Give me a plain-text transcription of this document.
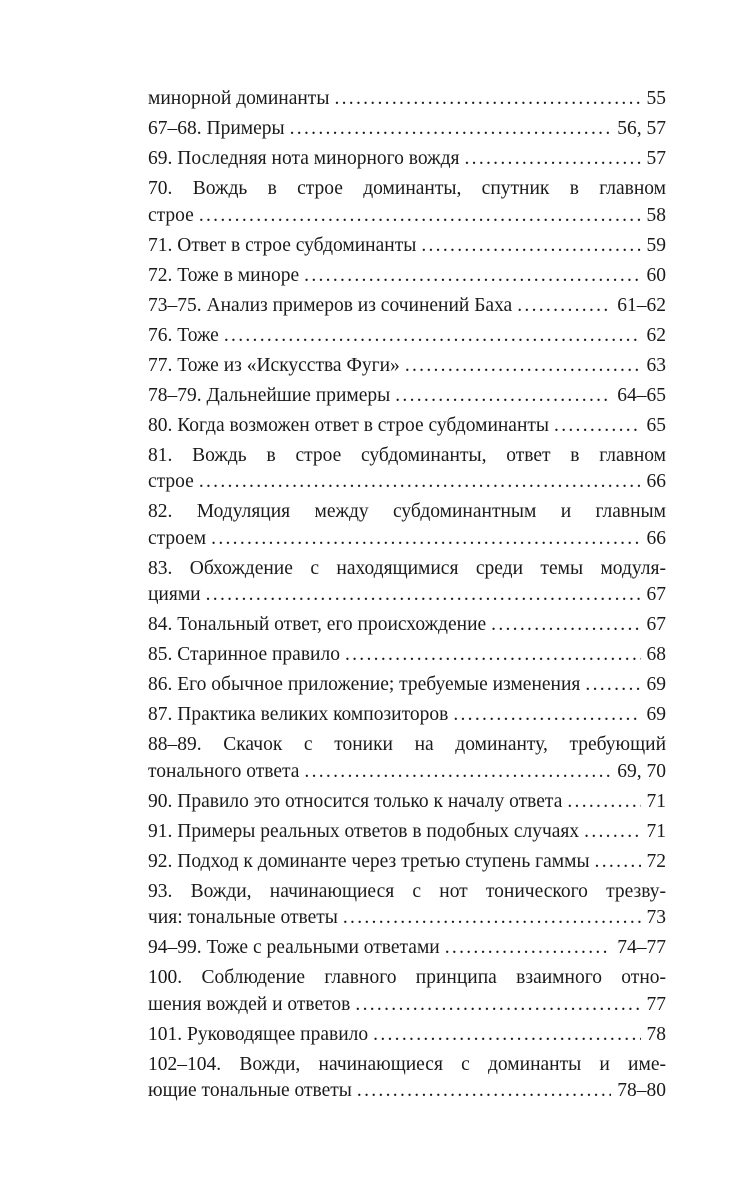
минорной доминанты .....	55
67–68. Примеры .....	56, 57
69. Последняя нота минорного вождя .....	57
70. Вождь в строе доминанты, спутник в главном
строе .....	58
71. Ответ в строе субдоминанты .....	59
72. Тоже в миноре .....	60
73–75. Анализ примеров из сочинений Баха .....	61–62
76. Тоже .....	62
77. Тоже из «Искусства Фуги» .....	63
78–79. Дальнейшие примеры .....	64–65
80. Когда возможен ответ в строе субдоминанты .....	65
81. Вождь в строе субдоминанты, ответ в главном
строе .....	66
82. Модуляция между субдоминантным и главным
строем .....	66
83. Обхождение с находящимися среди темы модуля-
циями .....	67
84. Тональный ответ, его происхождение .....	67
85. Старинное правило .....	68
86. Его обычное приложение; требуемые изменения .....	69
87. Практика великих композиторов .....	69
88–89. Скачок с тоники на доминанту, требующий
тонального ответа .....	69, 70
90. Правило это относится только к началу ответа .....	71
91. Примеры реальных ответов в подобных случаях .....	71
92. Подход к доминанте через третью ступень гаммы .....	72
93. Вожди, начинающиеся с нот тонического трезву-
чия: тональные ответы .....	73
94–99. Тоже с реальными ответами .....	74–77
100. Соблюдение главного принципа взаимного отно-
шения вождей и ответов .....	77
101. Руководящее правило .....	78
102–104. Вожди, начинающиеся с доминанты и име-
ющие тональные ответы .....	78–80
